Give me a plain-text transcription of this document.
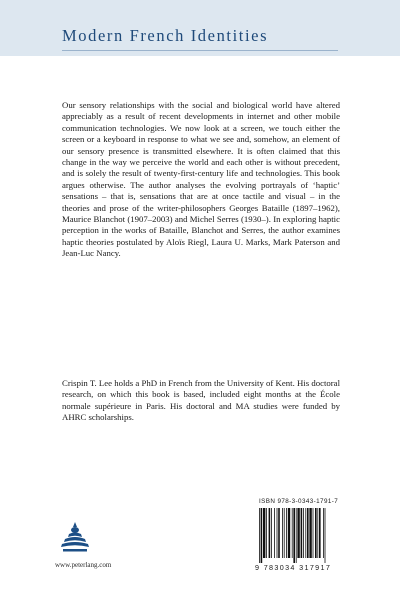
Modern French Identities
Our sensory relationships with the social and biological world have altered appreciably as a result of recent developments in internet and other mobile communication technologies. We now look at a screen, we touch either the screen or a keyboard in response to what we see and, somehow, an element of our sensory presence is transmitted elsewhere. It is often claimed that this change in the way we perceive the world and each other is without precedent, and is solely the result of twenty-first-century life and technologies. This book argues otherwise. The author analyses the evolving portrayals of ‘haptic’ sensations – that is, sensations that are at once tactile and visual – in the theories and prose of the writer-philosophers Georges Bataille (1897–1962), Maurice Blanchot (1907–2003) and Michel Serres (1930–). In exploring haptic perception in the works of Bataille, Blanchot and Serres, the author examines haptic theories postulated by Aloïs Riegl, Laura U. Marks, Mark Paterson and Jean-Luc Nancy.
Crispin T. Lee holds a PhD in French from the University of Kent. His doctoral research, on which this book is based, included eight months at the École normale supérieure in Paris. His doctoral and MA studies were funded by AHRC scholarships.
www.peterlang.com
ISBN 978-3-0343-1791-7
9 783034 317917
